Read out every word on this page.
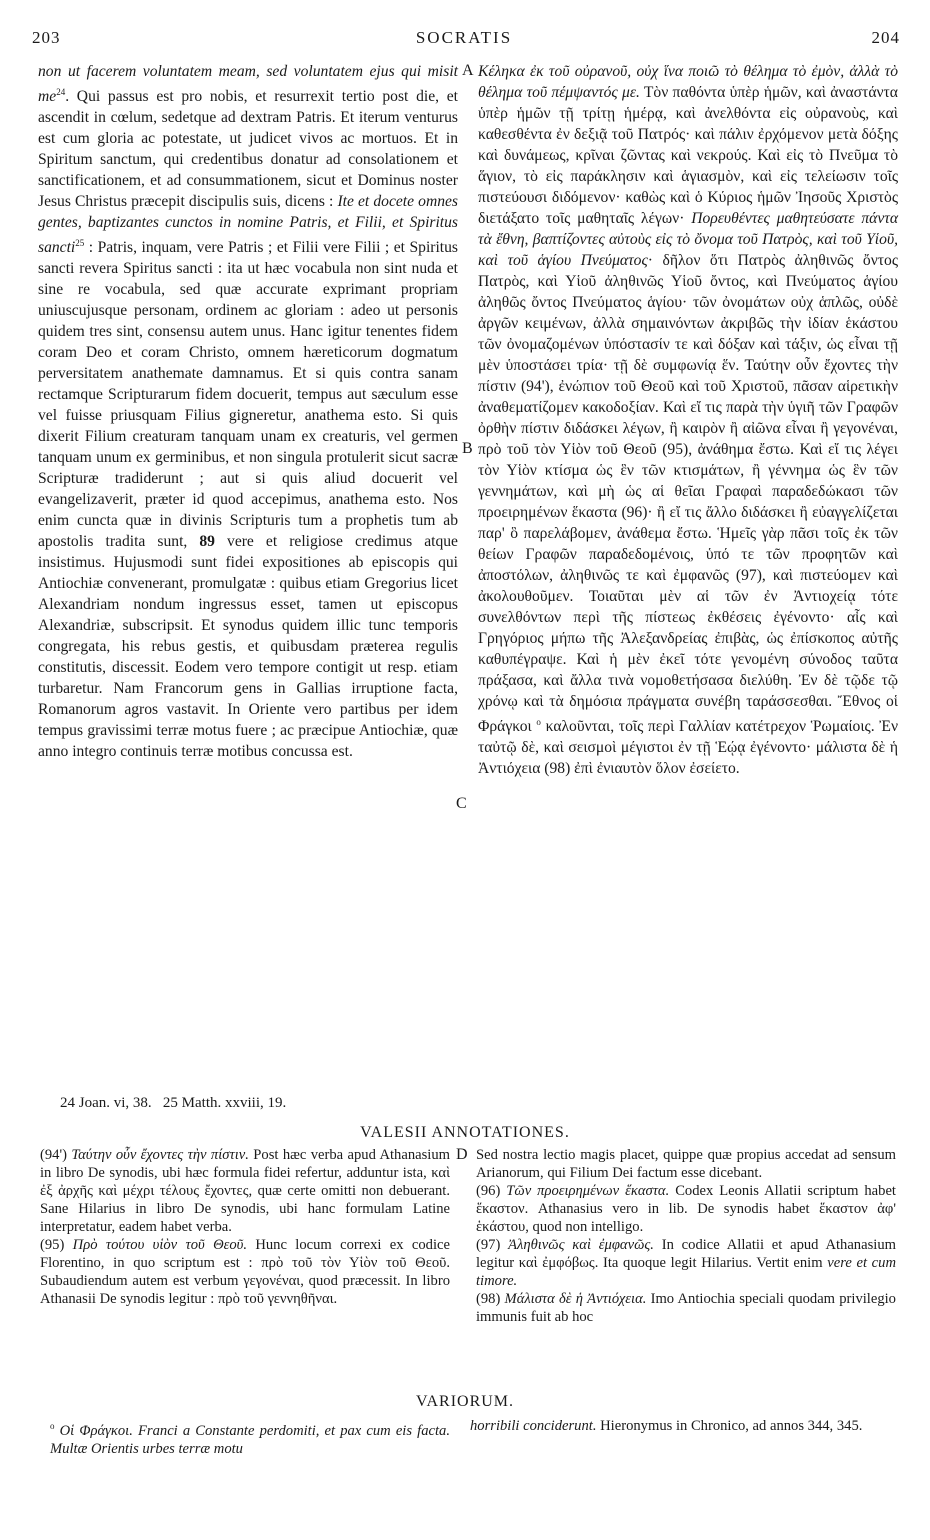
203	SOCRATIS	204
A
B
C
D

non ut facerem voluntatem meam, sed voluntatem ejus qui misit $me^{24}$. Qui passus est pro nobis, et resurrexit tertio post die, et ascendit in cœlum, sedetque ad dextram Patris. Et iterum venturus est cum gloria ac potestate, ut judicet vivos ac mortuos. Et in Spiritum sanctum, qui credentibus donatur ad consolationem et sanctificationem, et ad consummationem, sicut et Dominus noster Jesus Christus præcepit discipulis suis, dicens : Ite et docete omnes gentes, baptizantes cunctos in nomine Patris, et Filii, et Spiritus sancti$^{25}$ : Patris, inquam, vere Patris ; et Filii vere Filii ; et Spiritus sancti revera Spiritus sancti : ita ut hæc vocabula non sint nuda et sine re vocabula, sed quæ accurate exprimant propriam uniuscujusque personam, ordinem ac gloriam : adeo ut personis quidem tres sint, consensu autem unus. Hanc igitur tenentes fidem coram Deo et coram Christo, omnem hæreticorum dogmatum perversitatem anathemate damnamus. Et si quis contra sanam rectamque Scripturarum fidem docuerit, tempus aut sæculum esse vel fuisse priusquam Filius gigneretur, anathema esto. Si quis dixerit Filium creaturam tanquam unam ex creaturis, vel germen tanquam unum ex germinibus, et non singula protulerit sicut sacræ Scripturæ tradiderunt ; aut si quis aliud docuerit vel evangelizaverit, præter id quod accepimus, anathema esto. Nos enim cuncta quæ in divinis Scripturis tum a prophetis tum ab apostolis tradita sunt, 89 vere et religiose credimus atque insistimus. Hujusmodi sunt fidei expositiones ab episcopis qui Antiochiæ convenerant, promulgatæ : quibus etiam Gregorius licet Alexandriam nondum ingressus esset, tamen ut episcopus Alexandriæ, subscripsit. Et synodus quidem illic tunc temporis congregata, his rebus gestis, et quibusdam præterea regulis constitutis, discessit. Eodem vero tempore contigit ut resp. etiam turbaretur. Nam Francorum gens in Gallias irruptione facta, Romanorum agros vastavit. In Oriente vero partibus per idem tempus gravissimi terræ motus fuere ; ac præcipue Antiochiæ, quæ anno integro continuis terræ motibus concussa est.

Κέληκα ἐκ τοῦ οὐρανοῦ, οὐχ ἵνα ποιῶ τὸ θέλημα τὸ ἐμὸν, ἀλλὰ τὸ θέλημα τοῦ πέμψαντός με. Τὸν παθόντα ὑπὲρ ἡμῶν, καὶ ἀναστάντα ὑπὲρ ἡμῶν τῇ τρίτῃ ἡμέρᾳ, καὶ ἀνελθόντα εἰς οὐρανοὺς, καὶ καθεσθέντα ἐν δεξιᾷ τοῦ Πατρός· καὶ πάλιν ἐρχόμενον μετὰ δόξης καὶ δυνάμεως, κρῖναι ζῶντας καὶ νεκρούς. Καὶ εἰς τὸ Πνεῦμα τὸ ἅγιον, τὸ εἰς παράκλησιν καὶ ἁγιασμὸν, καὶ εἰς τελείωσιν τοῖς πιστεύουσι διδόμενον· καθὼς καὶ ὁ Κύριος ἡμῶν Ἰησοῦς Χριστὸς διετάξατο τοῖς μαθηταῖς λέγων· Πορευθέντες μαθητεύσατε πάντα τὰ ἔθνη, βαπτίζοντες αὐτοὺς εἰς τὸ ὄνομα τοῦ Πατρὸς, καὶ τοῦ Υἱοῦ, καὶ τοῦ ἁγίου Πνεύματος· δῆλον ὅτι Πατρὸς ἀληθινῶς ὄντος Πατρὸς, καὶ Υἱοῦ ἀληθινῶς Υἱοῦ ὄντος, καὶ Πνεύματος ἁγίου ἀληθῶς ὄντος Πνεύματος ἁγίου· τῶν ὀνομάτων οὐχ ἁπλῶς, οὐδὲ ἀργῶν κειμένων, ἀλλὰ σημαινόντων ἀκριβῶς τὴν ἰδίαν ἑκάστου τῶν ὀνομαζομένων ὑπόστασίν τε καὶ δόξαν καὶ τάξιν, ὡς εἶναι τῇ μὲν ὑποστάσει τρία· τῇ δὲ συμφωνίᾳ ἕν. Ταύτην οὖν ἔχοντες τὴν πίστιν (94'), ἐνώπιον τοῦ Θεοῦ καὶ τοῦ Χριστοῦ, πᾶσαν αἱρετικὴν ἀναθεματίζομεν κακοδοξίαν. Καὶ εἴ τις παρὰ τὴν ὑγιῆ τῶν Γραφῶν ὀρθὴν πίστιν διδάσκει λέγων, ἢ καιρὸν ἢ αἰῶνα εἶναι ἢ γεγονέναι, πρὸ τοῦ τὸν Υἱὸν τοῦ Θεοῦ (95), ἀνάθημα ἔστω. Καὶ εἴ τις λέγει τὸν Υἱὸν κτίσμα ὡς ἓν τῶν κτισμάτων, ἢ γέννημα ὡς ἓν τῶν γεννημάτων, καὶ μὴ ὡς αἱ θεῖαι Γραφαὶ παραδεδώκασι τῶν προειρημένων ἕκαστα (96)· ἢ εἴ τις ἄλλο διδάσκει ἢ εὐαγγελίζεται παρ' ὃ παρελάβομεν, ἀνάθεμα ἔστω. Ἡμεῖς γὰρ πᾶσι τοῖς ἐκ τῶν θείων Γραφῶν παραδεδομένοις, ὑπό τε τῶν προφητῶν καὶ ἀποστόλων, ἀληθινῶς τε καὶ ἐμφανῶς (97), καὶ πιστεύομεν καὶ ἀκολουθοῦμεν. Τοιαῦται μὲν αἱ τῶν ἐν Ἀντιοχείᾳ τότε συνελθόντων περὶ τῆς πίστεως ἐκθέσεις ἐγένοντο· αἷς καὶ Γρηγόριος μήπω τῆς Ἀλεξανδρείας ἐπιβὰς, ὡς ἐπίσκοπος αὐτῆς καθυπέγραψε. Καὶ ἡ μὲν ἐκεῖ τότε γενομένη σύνοδος ταῦτα πράξασα, καὶ ἄλλα τινὰ νομοθετήσασα διελύθη. Ἐν δὲ τῷδε τῷ χρόνῳ καὶ τὰ δημόσια πράγματα συνέβη ταράσσεσθαι. Ἔθνος οἱ Φράγκοι $^o$ καλοῦνται, τοῖς περὶ Γαλλίαν κατέτρεχον Ῥωμαίοις. Ἐν ταὐτῷ δὲ, καὶ σεισμοὶ μέγιστοι ἐν τῇ Ἑῴᾳ ἐγένοντο· μάλιστα δὲ ἡ Ἀντιόχεια (98) ἐπὶ ἐνιαυτὸν ὅλον ἐσείετο.

24 Joan. vi, 38. 25 Matth. xxviii, 19.
VALESII ANNOTATIONES.

(94') Ταύτην οὖν ἔχοντες τὴν πίστιν. Post hæc verba apud Athanasium in libro De synodis, ubi hæc formula fidei refertur, adduntur ista, καὶ ἐξ ἀρχῆς καὶ μέχρι τέλους ἔχοντες, quæ certe omitti non debuerant. Sane Hilarius in libro De synodis, ubi hanc formulam Latine interpretatur, eadem habet verba.

(95) Πρὸ τούτου υἱὸν τοῦ Θεοῦ. Hunc locum correxi ex codice Florentino, in quo scriptum est : πρὸ τοῦ τὸν Υἱὸν τοῦ Θεοῦ. Subaudiendum autem est verbum γεγονέναι, quod præcessit. In libro Athanasii De synodis legitur : πρὸ τοῦ γεννηθῆναι.

Sed nostra lectio magis placet, quippe quæ propius accedat ad sensum Arianorum, qui Filium Dei factum esse dicebant.

(96) Τῶν προειρημένων ἕκαστα. Codex Leonis Allatii scriptum habet ἕκαστον. Athanasius vero in lib. De synodis habet ἕκαστον ἀφ' ἑκάστου, quod non intelligo.

(97) Ἀληθινῶς καὶ ἐμφανῶς. In codice Allatii et apud Athanasium legitur καὶ ἐμφόβως. Ita quoque legit Hilarius. Vertit enim vere et cum timore.

(98) Μάλιστα δὲ ἡ Ἀντιόχεια. Imo Antiochia speciali quodam privilegio immunis fuit ab hoc

VARIORUM.
$^o$ Οἱ Φράγκοι. Franci a Constante perdomiti, et pax cum eis facta. Multæ Orientis urbes terræ motu
horribili conciderunt. Hieronymus in Chronico, ad annos 344, 345.
